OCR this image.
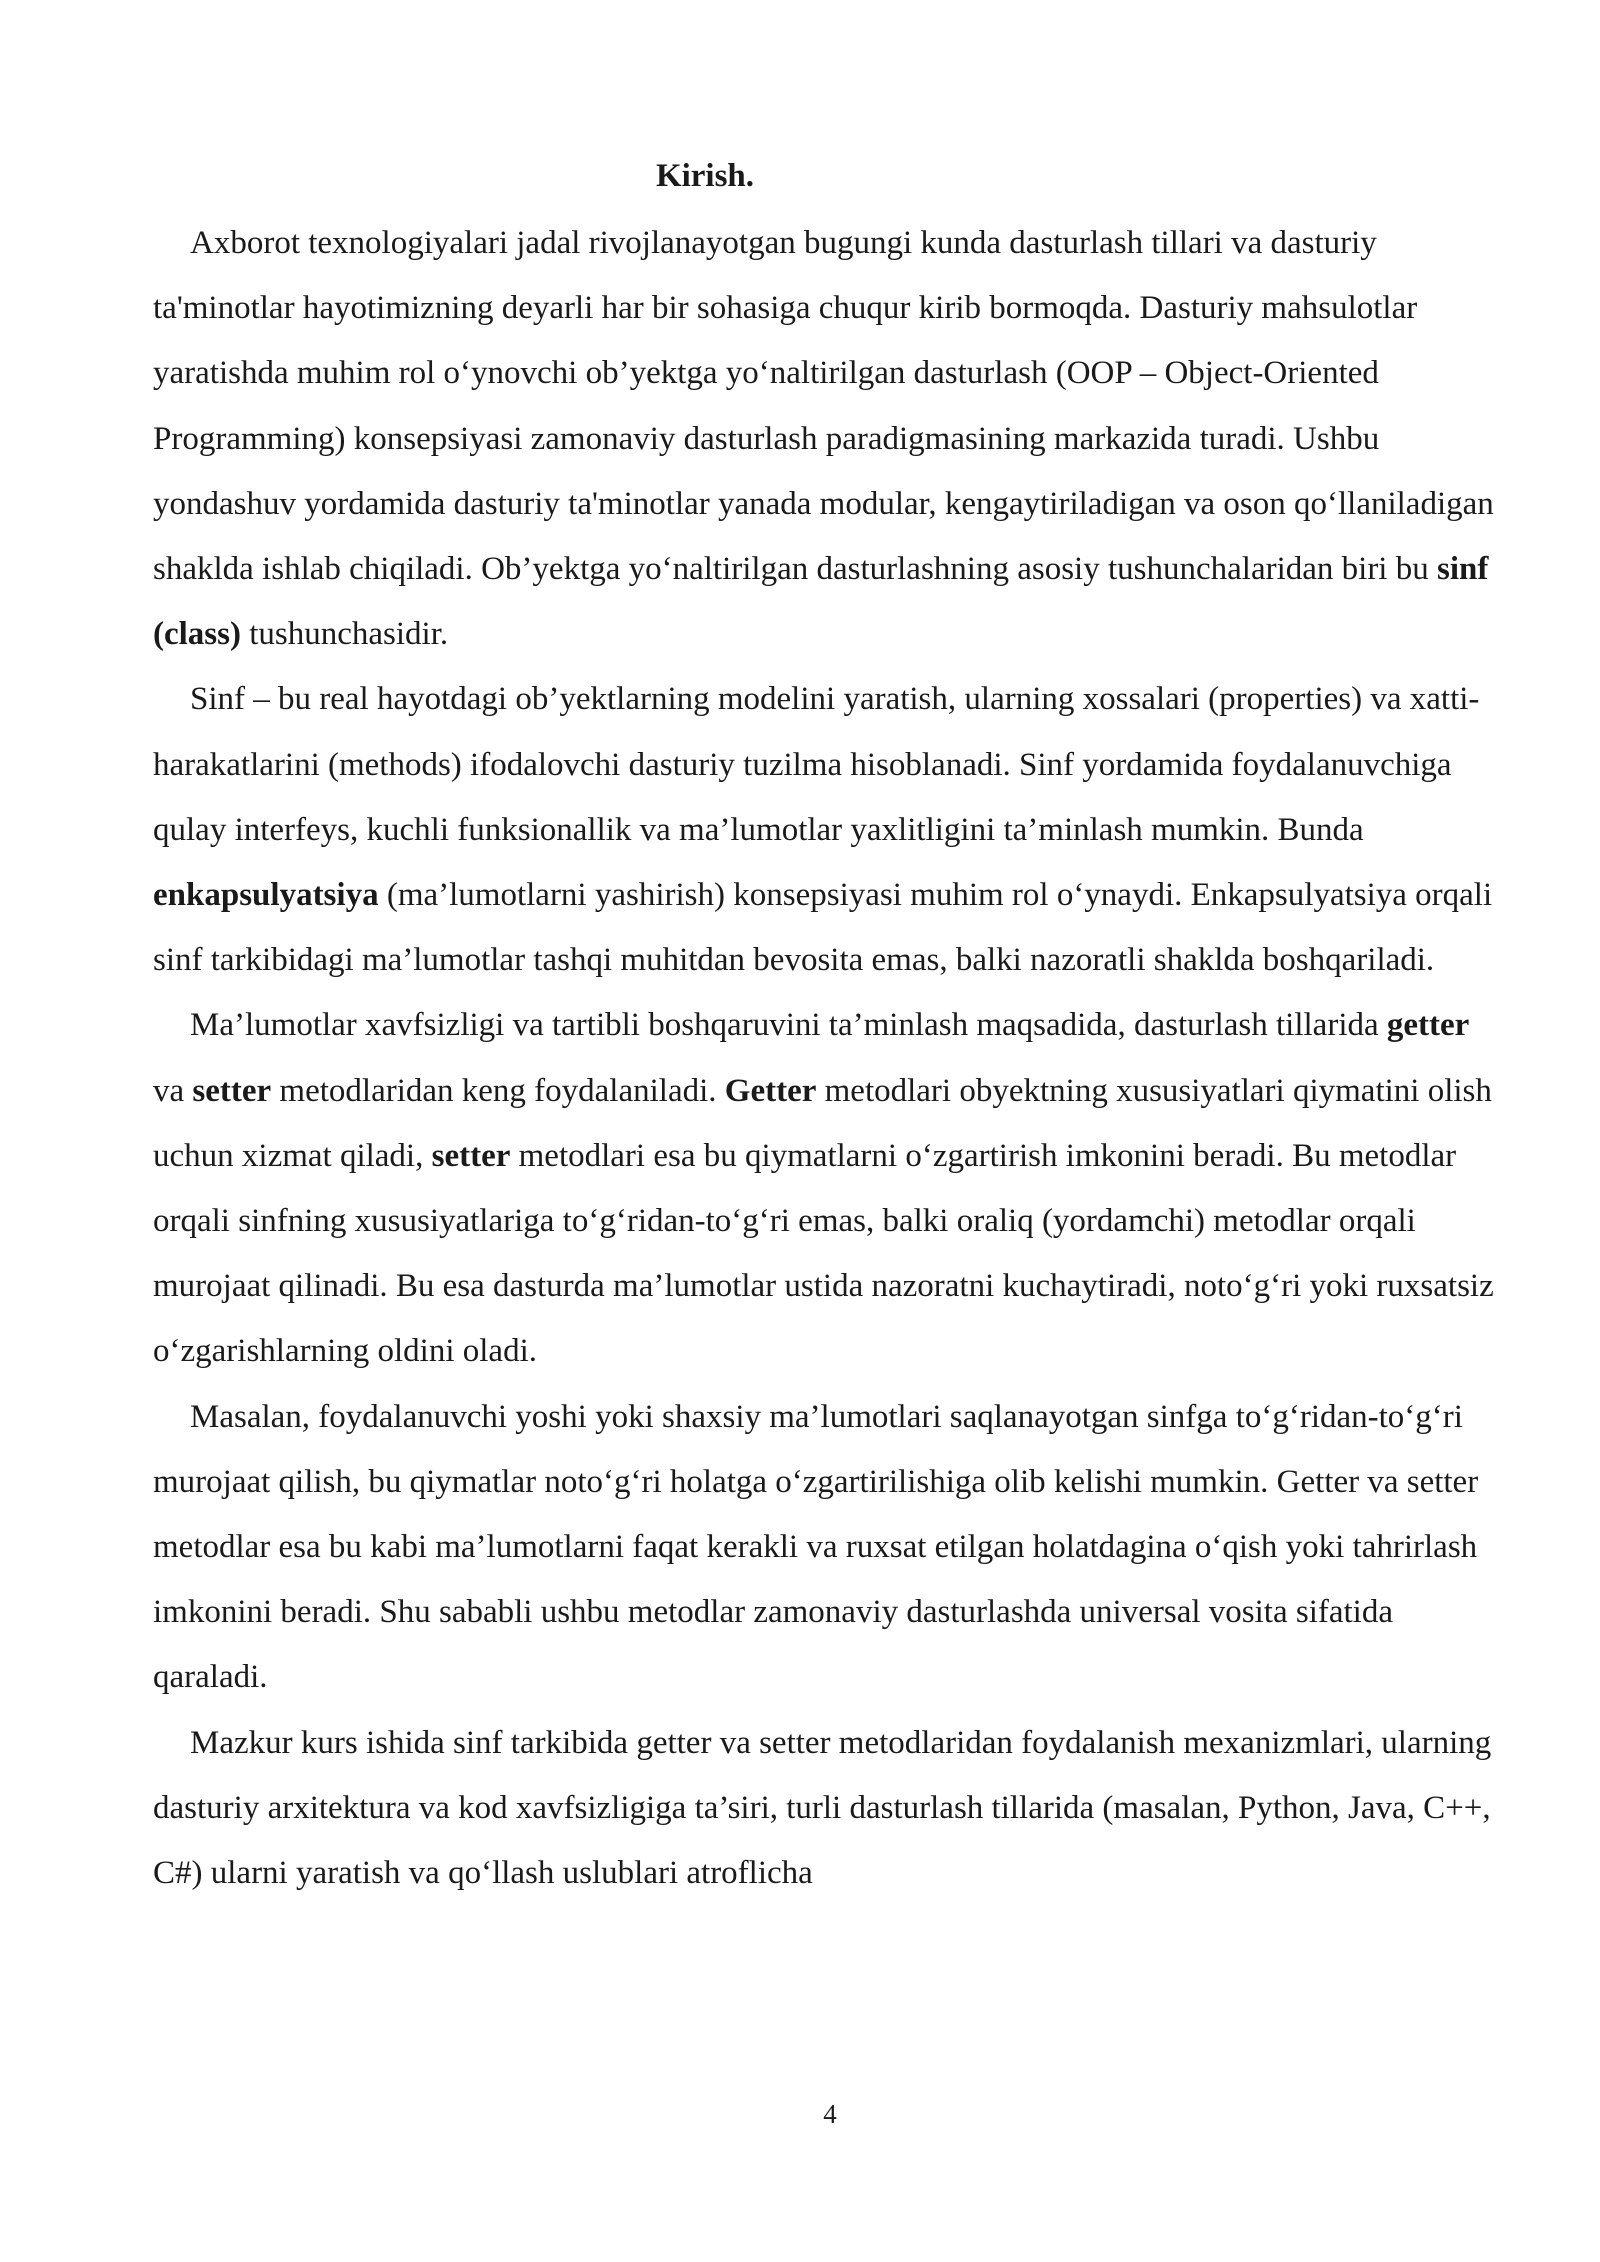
Kirish.

Axborot texnologiyalari jadal rivojlanayotgan bugungi kunda dasturlash tillari va dasturiy ta'minotlar hayotimizning deyarli har bir sohasiga chuqur kirib bormoqda. Dasturiy mahsulotlar yaratishda muhim rol o‘ynovchi ob’yektga yo‘naltirilgan dasturlash (OOP – Object-Oriented Programming) konsepsiyasi zamonaviy dasturlash paradigmasining markazida turadi. Ushbu yondashuv yordamida dasturiy ta'minotlar yanada modular, kengaytiriladigan va oson qo‘llaniladigan shaklda ishlab chiqiladi. Ob’yektga yo‘naltirilgan dasturlashning asosiy tushunchalaridan biri bu sinf (class) tushunchasidir.

Sinf – bu real hayotdagi ob’yektlarning modelini yaratish, ularning xossalari (properties) va xatti-harakatlarini (methods) ifodalovchi dasturiy tuzilma hisoblanadi. Sinf yordamida foydalanuvchiga qulay interfeys, kuchli funksionallik va ma’lumotlar yaxlitligini ta’minlash mumkin. Bunda enkapsulyatsiya (ma’lumotlarni yashirish) konsepsiyasi muhim rol o‘ynaydi. Enkapsulyatsiya orqali sinf tarkibidagi ma’lumotlar tashqi muhitdan bevosita emas, balki nazoratli shaklda boshqariladi.

Ma’lumotlar xavfsizligi va tartibli boshqaruvini ta’minlash maqsadida, dasturlash tillarida getter va setter metodlaridan keng foydalaniladi. Getter metodlari obyektning xususiyatlari qiymatini olish uchun xizmat qiladi, setter metodlari esa bu qiymatlarni o‘zgartirish imkonini beradi. Bu metodlar orqali sinfning xususiyatlariga to‘g‘ridan-to‘g‘ri emas, balki oraliq (yordamchi) metodlar orqali murojaat qilinadi. Bu esa dasturda ma’lumotlar ustida nazoratni kuchaytiradi, noto‘g‘ri yoki ruxsatsiz o‘zgarishlarning oldini oladi.

Masalan, foydalanuvchi yoshi yoki shaxsiy ma’lumotlari saqlanayotgan sinfga to‘g‘ridan-to‘g‘ri murojaat qilish, bu qiymatlar noto‘g‘ri holatga o‘zgartirilishiga olib kelishi mumkin. Getter va setter metodlar esa bu kabi ma’lumotlarni faqat kerakli va ruxsat etilgan holatdagina o‘qish yoki tahrirlash imkonini beradi. Shu sababli ushbu metodlar zamonaviy dasturlashda universal vosita sifatida qaraladi.

Mazkur kurs ishida sinf tarkibida getter va setter metodlaridan foydalanish mexanizmlari, ularning dasturiy arxitektura va kod xavfsizligiga ta’siri, turli dasturlash tillarida (masalan, Python, Java, C++, C#) ularni yaratish va qo‘llash uslublari atroflicha

4
